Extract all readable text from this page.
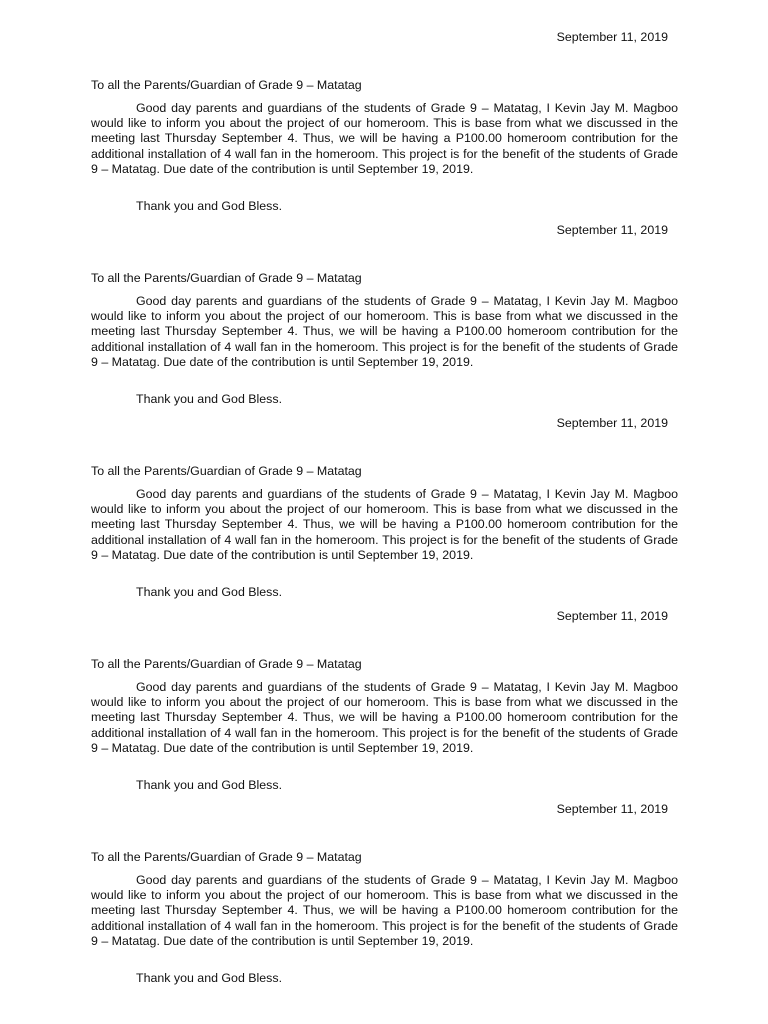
September 11, 2019
To all the Parents/Guardian of Grade 9 – Matatag

Good day parents and guardians of the students of Grade 9 – Matatag, I Kevin Jay M. Magboo would like to inform you about the project of our homeroom. This is base from what we discussed in the meeting last Thursday September 4. Thus, we will be having a P100.00 homeroom contribution for the additional installation of 4 wall fan in the homeroom. This project is for the benefit of the students of Grade 9 – Matatag. Due date of the contribution is until September 19, 2019.

Thank you and God Bless.
September 11, 2019
To all the Parents/Guardian of Grade 9 – Matatag

Good day parents and guardians of the students of Grade 9 – Matatag, I Kevin Jay M. Magboo would like to inform you about the project of our homeroom. This is base from what we discussed in the meeting last Thursday September 4. Thus, we will be having a P100.00 homeroom contribution for the additional installation of 4 wall fan in the homeroom. This project is for the benefit of the students of Grade 9 – Matatag. Due date of the contribution is until September 19, 2019.

Thank you and God Bless.
September 11, 2019
To all the Parents/Guardian of Grade 9 – Matatag

Good day parents and guardians of the students of Grade 9 – Matatag, I Kevin Jay M. Magboo would like to inform you about the project of our homeroom. This is base from what we discussed in the meeting last Thursday September 4. Thus, we will be having a P100.00 homeroom contribution for the additional installation of 4 wall fan in the homeroom. This project is for the benefit of the students of Grade 9 – Matatag. Due date of the contribution is until September 19, 2019.

Thank you and God Bless.
September 11, 2019
To all the Parents/Guardian of Grade 9 – Matatag

Good day parents and guardians of the students of Grade 9 – Matatag, I Kevin Jay M. Magboo would like to inform you about the project of our homeroom. This is base from what we discussed in the meeting last Thursday September 4. Thus, we will be having a P100.00 homeroom contribution for the additional installation of 4 wall fan in the homeroom. This project is for the benefit of the students of Grade 9 – Matatag. Due date of the contribution is until September 19, 2019.

Thank you and God Bless.
September 11, 2019
To all the Parents/Guardian of Grade 9 – Matatag

Good day parents and guardians of the students of Grade 9 – Matatag, I Kevin Jay M. Magboo would like to inform you about the project of our homeroom. This is base from what we discussed in the meeting last Thursday September 4. Thus, we will be having a P100.00 homeroom contribution for the additional installation of 4 wall fan in the homeroom. This project is for the benefit of the students of Grade 9 – Matatag. Due date of the contribution is until September 19, 2019.

Thank you and God Bless.
